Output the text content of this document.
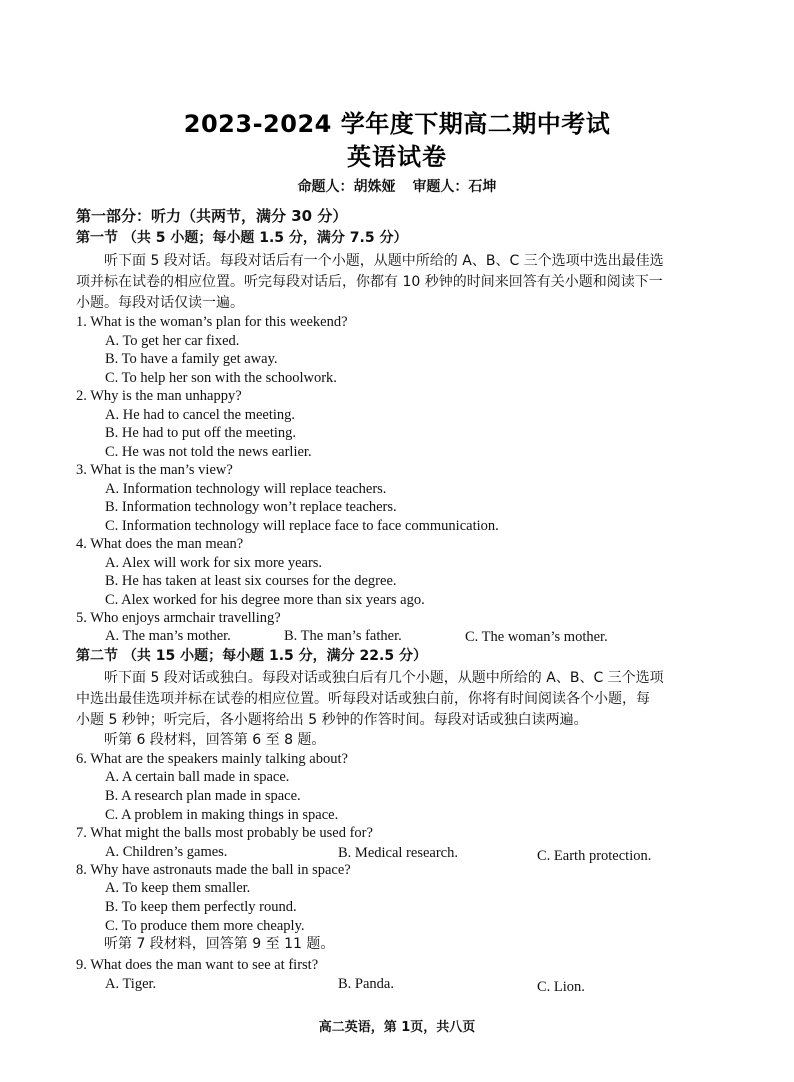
2023-2024 学年度下期高二期中考试
英语试卷
命题人：胡姝娅 审题人：石坤
第一部分：听力（共两节，满分 30 分）
第一节 （共 5 小题；每小题 1.5 分，满分 7.5 分）
听下面 5 段对话。每段对话后有一个小题，从题中所给的 A、B、C 三个选项中选出最佳选
项并标在试卷的相应位置。听完每段对话后，你都有 10 秒钟的时间来回答有关小题和阅读下一
小题。每段对话仅读一遍。
1. What is the woman’s plan for this weekend?
A. To get her car fixed.
B. To have a family get away.
C. To help her son with the schoolwork.
2. Why is the man unhappy?
A. He had to cancel the meeting.
B. He had to put off the meeting.
C. He was not told the news earlier.
3. What is the man’s view?
A. Information technology will replace teachers.
B. Information technology won’t replace teachers.
C. Information technology will replace face to face communication.
4. What does the man mean?
A. Alex will work for six more years.
B. He has taken at least six courses for the degree.
C. Alex worked for his degree more than six years ago.
5. Who enjoys armchair travelling?
A. The man’s mother.	B. The man’s father.	C. The woman’s mother.
第二节 （共 15 小题；每小题 1.5 分，满分 22.5 分）
听下面 5 段对话或独白。每段对话或独白后有几个小题，从题中所给的 A、B、C 三个选项
中选出最佳选项并标在试卷的相应位置。听每段对话或独白前，你将有时间阅读各个小题，每
小题 5 秒钟；听完后，各小题将给出 5 秒钟的作答时间。每段对话或独白读两遍。
听第 6 段材料，回答第 6 至 8 题。
6. What are the speakers mainly talking about?
A. A certain ball made in space.
B. A research plan made in space.
C. A problem in making things in space.
7. What might the balls most probably be used for?
A. Children’s games.	B. Medical research.	C. Earth protection.
8. Why have astronauts made the ball in space?
A. To keep them smaller.
B. To keep them perfectly round.
C. To produce them more cheaply.
听第 7 段材料，回答第 9 至 11 题。
9. What does the man want to see at first?
A. Tiger.	B. Panda.	C. Lion.
高二英语，第 1页，共八页
